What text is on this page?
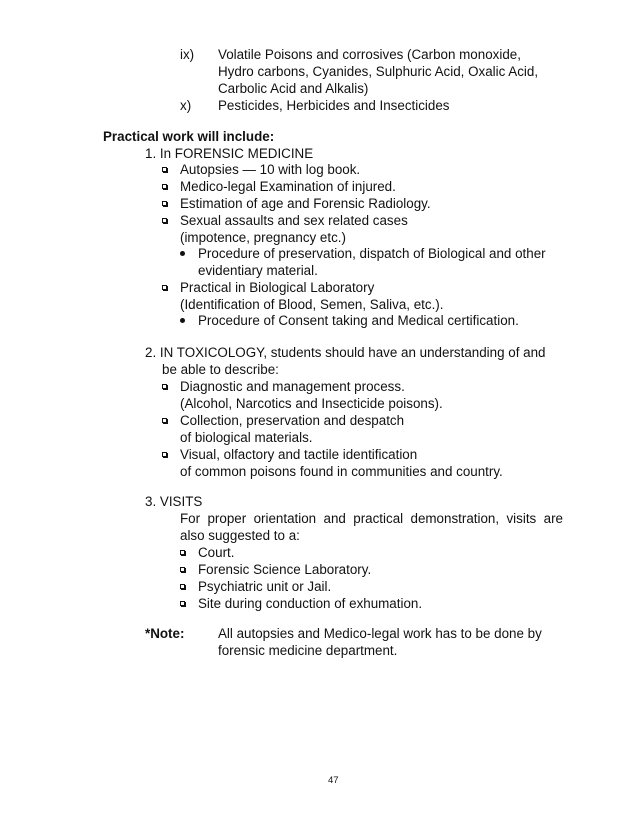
ix) Volatile Poisons and corrosives (Carbon monoxide,
Hydro carbons, Cyanides, Sulphuric Acid, Oxalic Acid,
Carbolic Acid and Alkalis)
x) Pesticides, Herbicides and Insecticides
Practical work will include:
1. In FORENSIC MEDICINE
Autopsies — 10 with log book.
Medico-legal Examination of injured.
Estimation of age and Forensic Radiology.
Sexual assaults and sex related cases
(impotence, pregnancy etc.)
Procedure of preservation, dispatch of Biological and other
evidentiary material.
Practical in Biological Laboratory
(Identification of Blood, Semen, Saliva, etc.).
Procedure of Consent taking and Medical certification.
2. IN TOXICOLOGY, students should have an understanding of and
be able to describe:
Diagnostic and management process.
(Alcohol, Narcotics and Insecticide poisons).
Collection, preservation and despatch
of biological materials.
Visual, olfactory and tactile identification
of common poisons found in communities and country.
3. VISITS
For proper orientation and practical demonstration, visits are
also suggested to a:
Court.
Forensic Science Laboratory.
Psychiatric unit or Jail.
Site during conduction of exhumation.
*Note:	All autopsies and Medico-legal work has to be done by
forensic medicine department.
47
